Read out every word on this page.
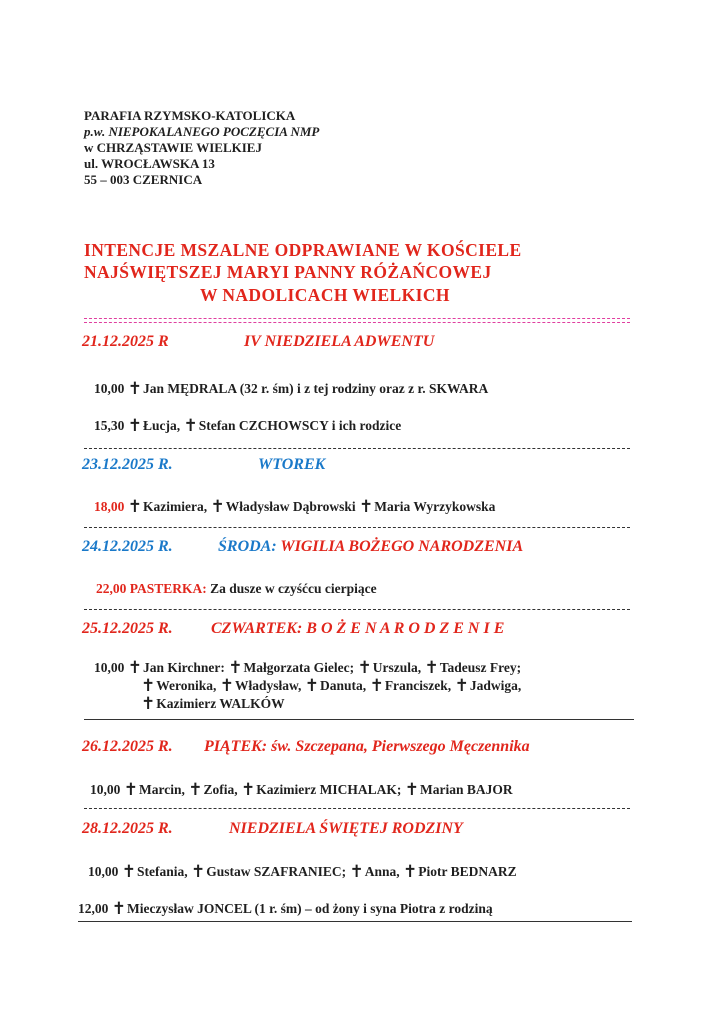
PARAFIA RZYMSKO-KATOLICKA
p.w. NIEPOKALANEGO POCZĘCIA NMP
w CHRZĄSTAWIE WIELKIEJ
ul. WROCŁAWSKA 13
55 – 003 CZERNICA
INTENCJE MSZALNE ODPRAWIANE W KOŚCIELE
NAJŚWIĘTSZEJ MARYI PANNY RÓŻAŃCOWEJ
W NADOLICACH WIELKICH
21.12.2025 R	IV NIEDZIELA ADWENTU
10,00 ✝Jan MĘDRALA (32 r. śm) i z tej rodziny oraz z r. SKWARA
15,30 ✝Łucja, ✝Stefan CZCHOWSCY i ich rodzice
23.12.2025 R.	WTOREK
18,00 ✝Kazimiera, ✝Władysław Dąbrowski ✝Maria Wyrzykowska
24.12.2025 R.	ŚRODA: WIGILIA BOŻEGO NARODZENIA
22,00 PASTERKA: Za dusze w czyśćcu cierpiące
25.12.2025 R. CZWARTEK: B O Ż E N A R O D Z E N I E
10,00 ✝Jan Kirchner: ✝Małgorzata Gielec; ✝Urszula, ✝Tadeusz Frey;
✝Weronika, ✝Władysław, ✝Danuta, ✝Franciszek, ✝Jadwiga,
✝Kazimierz WALKÓW
26.12.2025 R. PIĄTEK: św. Szczepana, Pierwszego Męczennika
10,00 ✝Marcin, ✝Zofia, ✝Kazimierz MICHALAK; ✝Marian BAJOR
28.12.2025 R.	NIEDZIELA ŚWIĘTEJ RODZINY
10,00 ✝Stefania, ✝Gustaw SZAFRANIEC; ✝Anna, ✝Piotr BEDNARZ
12,00 ✝Mieczysław JONCEL (1 r. śm) – od żony i syna Piotra z rodziną
